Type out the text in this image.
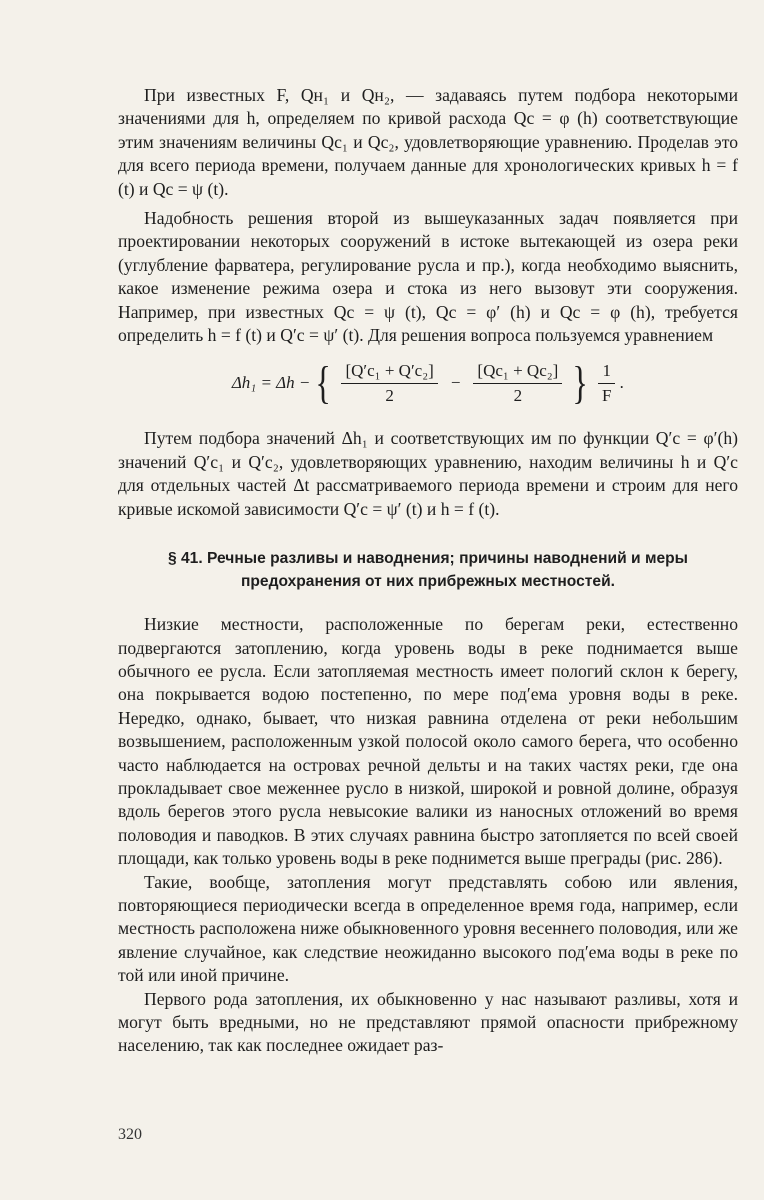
При известных F, Qн₁ и Qн₂, — задаваясь путем подбора некоторыми значениями для h, определяем по кривой расхода Qc = φ (h) соответствующие этим значениям величины Qc₁ и Qc₂, удовлетворяющие уравнению. Проделав это для всего периода времени, получаем данные для хронологических кривых h = f (t) и Qc = ψ (t).

Надобность решения второй из вышеуказанных задач появляется при проектировании некоторых сооружений в истоке вытекающей из озера реки (углубление фарватера, регулирование русла и пр.), когда необходимо выяснить, какое изменение режима озера и стока из него вызовут эти сооружения. Например, при известных Qc = ψ (t), Qc = φ′ (h) и Qc = φ (h), требуется определить h = f (t) и Q′c = ψ′ (t). Для решения вопроса пользуемся уравнением

Δh₁ = Δh − { $\frac{\text{[Q′c₁ + Q′c₂]}}{2} - \frac{\text{[Qc₁ + Qc₂]}}{2}$ } $\frac{1}{F}$ .

Путем подбора значений Δh₁ и соответствующих им по функции Q′c = φ′(h) значений Q′c₁ и Q′c₂, удовлетворяющих уравнению, находим величины h и Q′c для отдельных частей Δt рассматриваемого периода времени и строим для него кривые искомой зависимости Q′c = ψ′ (t) и h = f (t).

§ 41. Речные разливы и наводнения; причины наводнений и меры предохранения от них прибрежных местностей.

Низкие местности, расположенные по берегам реки, естественно подвергаются затоплению, когда уровень воды в реке поднимается выше обычного ее русла. Если затопляемая местность имеет пологий склон к берегу, она покрывается водою постепенно, по мере под′ема уровня воды в реке. Нередко, однако, бывает, что низкая равнина отделена от реки небольшим возвышением, расположенным узкой полосой около самого берега, что особенно часто наблюдается на островах речной дельты и на таких частях реки, где она прокладывает свое меженнее русло в низкой, широкой и ровной долине, образуя вдоль берегов этого русла невысокие валики из наносных отложений во время половодия и паводков. В этих случаях равнина быстро затопляется по всей своей площади, как только уровень воды в реке поднимется выше преграды (рис. 286).

Такие, вообще, затопления могут представлять собою или явления, повторяющиеся периодически всегда в определенное время года, например, если местность расположена ниже обыкновенного уровня весеннего половодия, или же явление случайное, как следствие неожиданно высокого под′ема воды в реке по той или иной причине.

Первого рода затопления, их обыкновенно у нас называют разливы, хотя и могут быть вредными, но не представляют прямой опасности прибрежному населению, так как последнее ожидает раз-

320
